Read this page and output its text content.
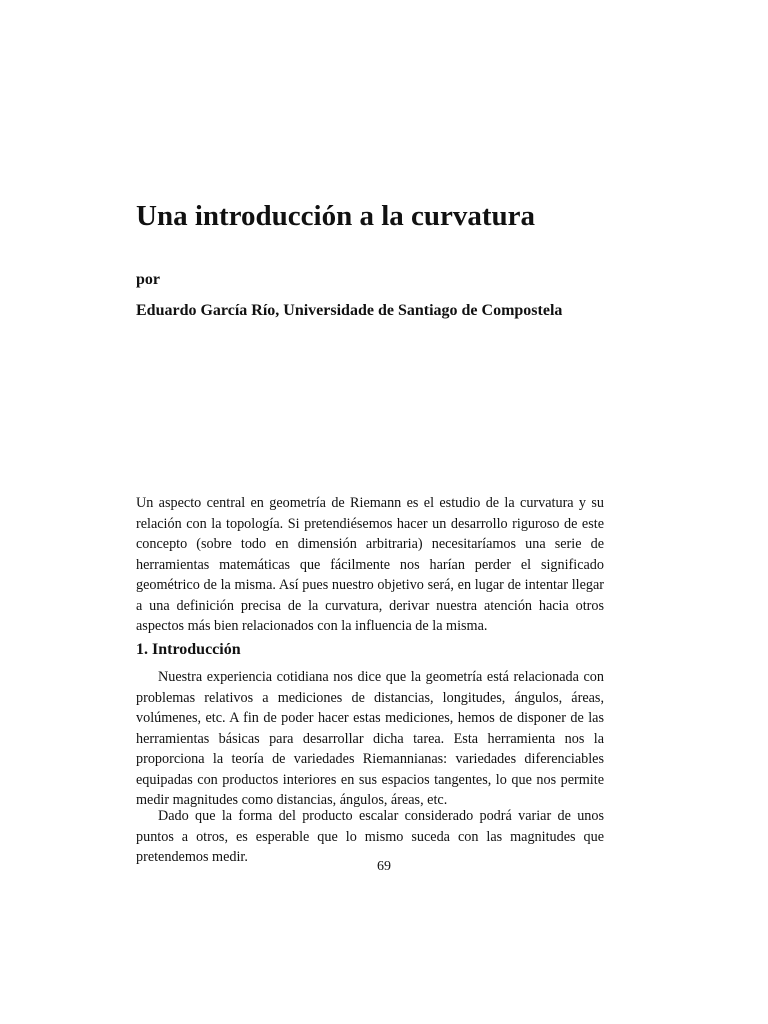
Una introducción a la curvatura

por

Eduardo García Río, Universidade de Santiago de Compostela

Un aspecto central en geometría de Riemann es el estudio de la curvatura y su relación con la topología. Si pretendiésemos hacer un desarrollo riguroso de este concepto (sobre todo en dimensión arbitraria) necesitaríamos una serie de herramientas matemáticas que fácilmente nos harían perder el significado geométrico de la misma. Así pues nuestro objetivo será, en lugar de intentar llegar a una definición precisa de la curvatura, derivar nuestra atención hacia otros aspectos más bien relacionados con la influencia de la misma.

1. Introducción

Nuestra experiencia cotidiana nos dice que la geometría está relacionada con problemas relativos a mediciones de distancias, longitudes, ángulos, áreas, volúmenes, etc. A fin de poder hacer estas mediciones, hemos de disponer de las herramientas básicas para desarrollar dicha tarea. Esta herramienta nos la proporciona la teoría de variedades Riemannianas: variedades diferenciables equipadas con productos interiores en sus espacios tangentes, lo que nos permite medir magnitudes como distancias, ángulos, áreas, etc.

Dado que la forma del producto escalar considerado podrá variar de unos puntos a otros, es esperable que lo mismo suceda con las magnitudes que pretendemos medir.

69
